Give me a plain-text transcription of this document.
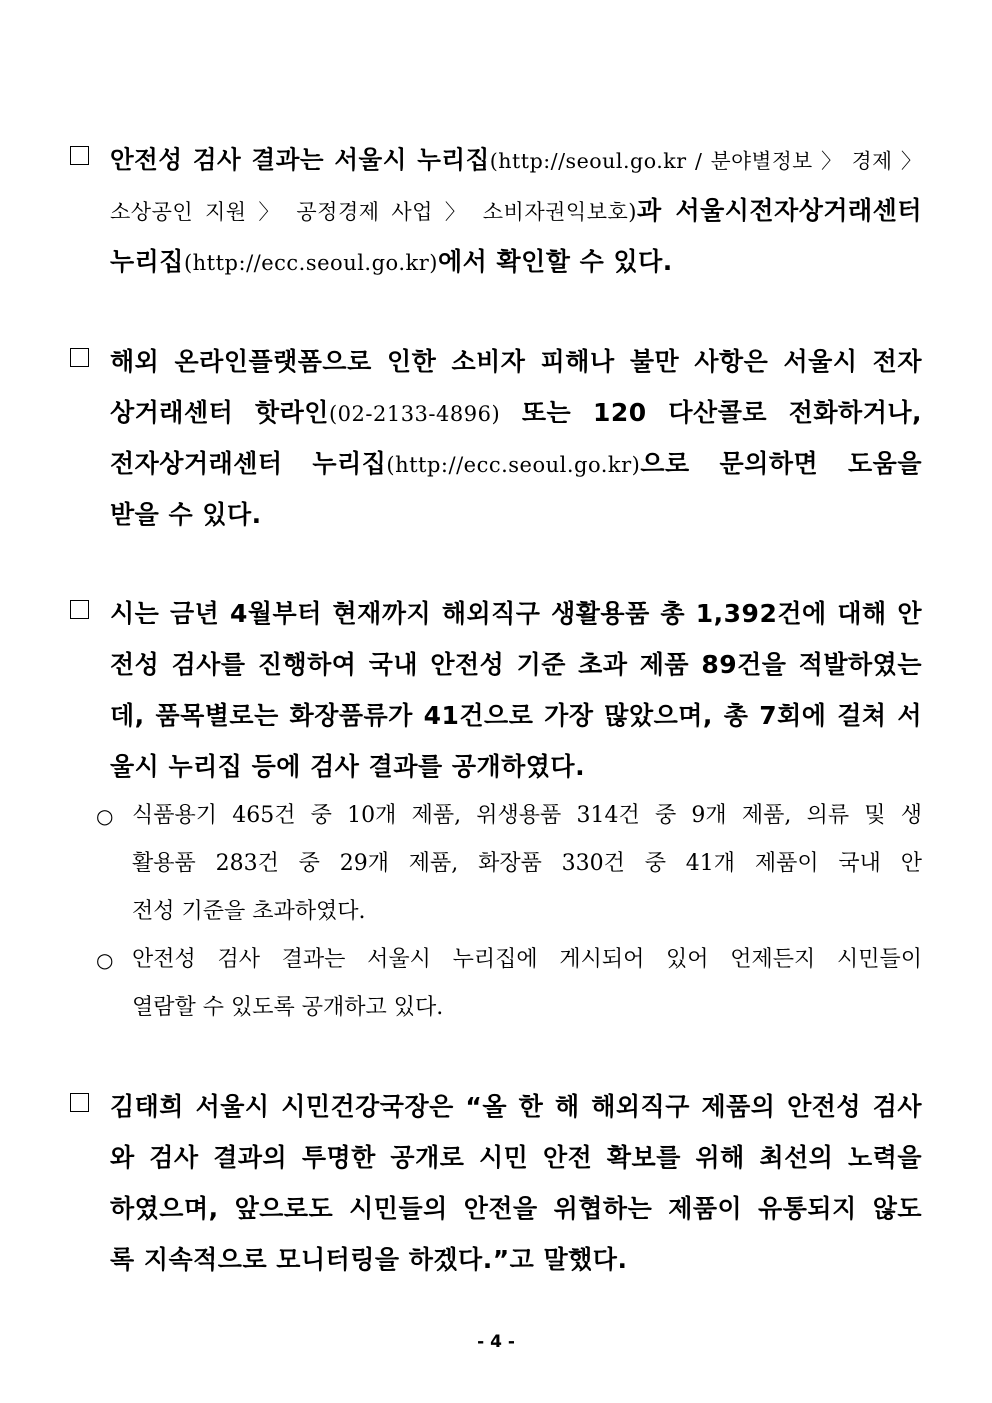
안전성 검사 결과는 서울시 누리집(http://seoul.go.kr / 분야별정보 〉 경제 〉
소상공인 지원 〉 공정경제 사업 〉 소비자권익보호)과 서울시전자상거래센터
누리집(http://ecc.seoul.go.kr)에서 확인할 수 있다.
해외 온라인플랫폼으로 인한 소비자 피해나 불만 사항은 서울시 전자
상거래센터 핫라인(02-2133-4896) 또는 120 다산콜로 전화하거나,
전자상거래센터 누리집(http://ecc.seoul.go.kr)으로 문의하면 도움을
받을 수 있다.
시는 금년 4월부터 현재까지 해외직구 생활용품 총 1,392건에 대해 안
전성 검사를 진행하여 국내 안전성 기준 초과 제품 89건을 적발하였는
데, 품목별로는 화장품류가 41건으로 가장 많았으며, 총 7회에 걸쳐 서
울시 누리집 등에 검사 결과를 공개하였다.
○ 식품용기 465건 중 10개 제품, 위생용품 314건 중 9개 제품, 의류 및 생
활용품 283건 중 29개 제품, 화장품 330건 중 41개 제품이 국내 안
전성 기준을 초과하였다.
○ 안전성 검사 결과는 서울시 누리집에 게시되어 있어 언제든지 시민들이
열람할 수 있도록 공개하고 있다.
김태희 서울시 시민건강국장은 “올 한 해 해외직구 제품의 안전성 검사
와 검사 결과의 투명한 공개로 시민 안전 확보를 위해 최선의 노력을
하였으며, 앞으로도 시민들의 안전을 위협하는 제품이 유통되지 않도
록 지속적으로 모니터링을 하겠다.”고 말했다.
- 4 -
